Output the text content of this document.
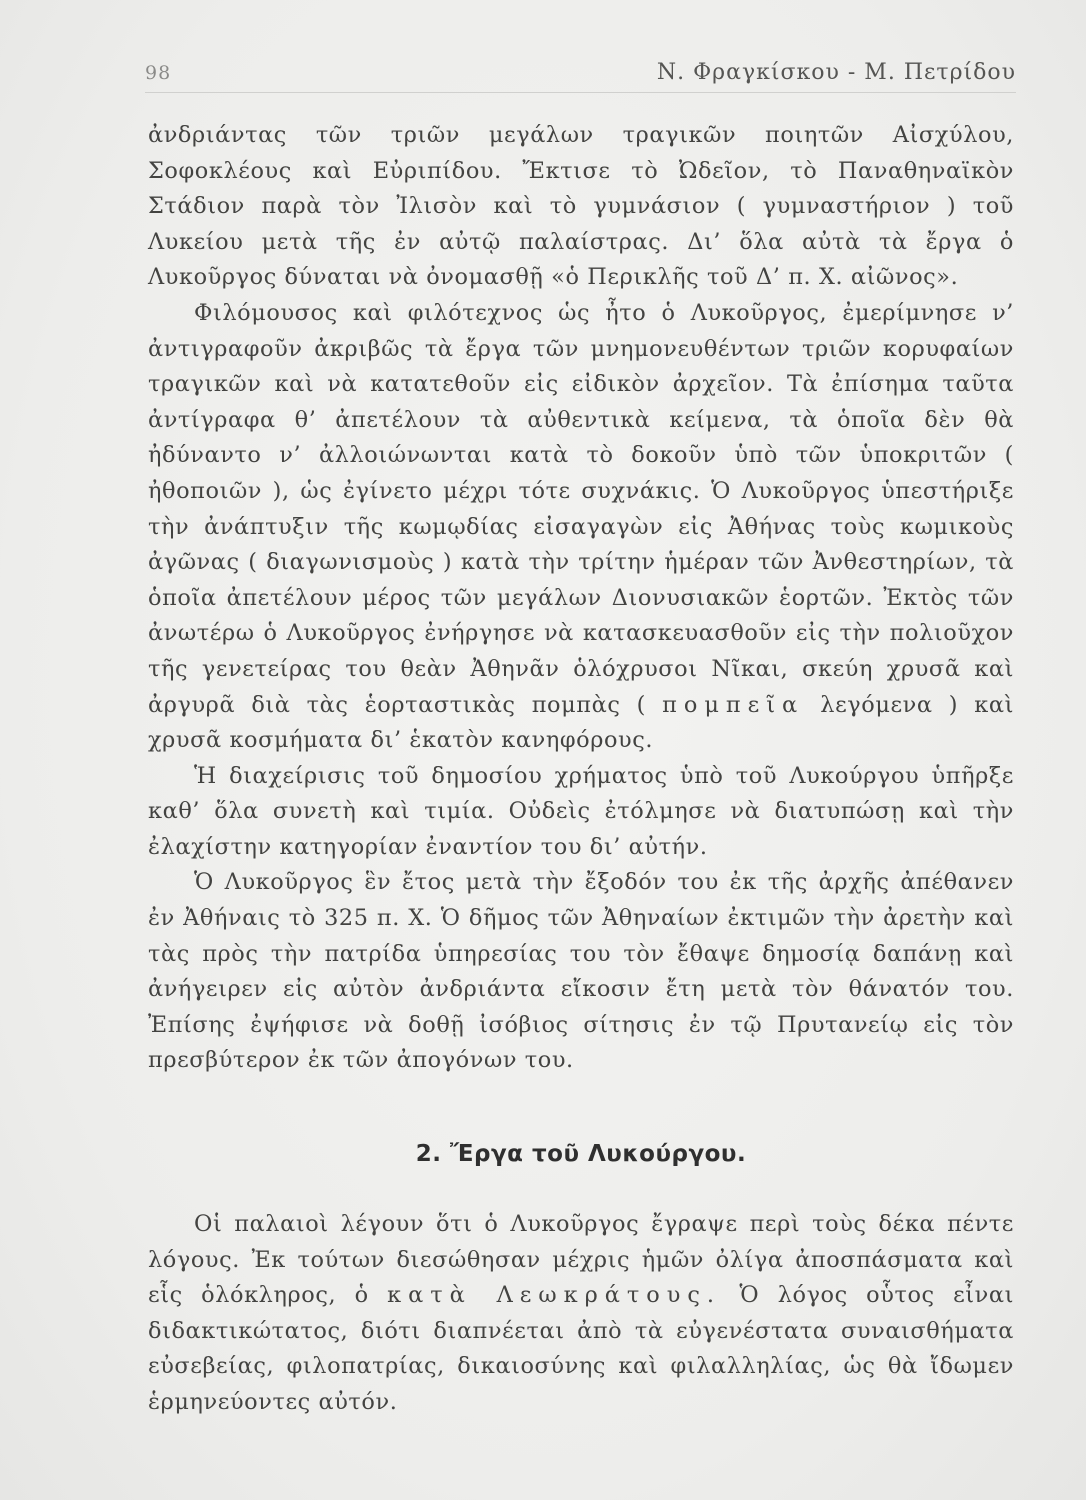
98	Ν. Φραγκίσκου - Μ. Πετρίδου

ἀνδριάντας τῶν τριῶν μεγάλων τραγικῶν ποιητῶν Αἰσχύλου, Σοφοκλέους καὶ Εὐριπίδου. Ἔκτισε τὸ Ὠδεῖον, τὸ Παναθηναϊκὸν Στάδιον παρὰ τὸν Ἰλισὸν καὶ τὸ γυμνάσιον ( γυμναστήριον ) τοῦ Λυκείου μετὰ τῆς ἐν αὐτῷ παλαίστρας. Δι’ ὅλα αὐτὰ τὰ ἔργα ὁ Λυκοῦργος δύναται νὰ ὀνομασθῇ «ὁ Περικλῆς τοῦ Δ’ π. Χ. αἰῶνος».

Φιλόμουσος καὶ φιλότεχνος ὡς ἦτο ὁ Λυκοῦργος, ἐμερίμνησε ν’ ἀντιγραφοῦν ἀκριβῶς τὰ ἔργα τῶν μνημονευθέντων τριῶν κορυφαίων τραγικῶν καὶ νὰ κατατεθοῦν εἰς εἰδικὸν ἀρχεῖον. Τὰ ἐπίσημα ταῦτα ἀντίγραφα θ’ ἀπετέλουν τὰ αὐθεντικὰ κείμενα, τὰ ὁποῖα δὲν θὰ ἠδύναντο ν’ ἀλλοιώνωνται κατὰ τὸ δοκοῦν ὑπὸ τῶν ὑποκριτῶν ( ἠθοποιῶν ), ὡς ἐγίνετο μέχρι τότε συχνάκις. Ὁ Λυκοῦργος ὑπεστήριξε τὴν ἀνάπτυξιν τῆς κωμῳδίας εἰσαγαγὼν εἰς Ἀθήνας τοὺς κωμικοὺς ἀγῶνας ( διαγωνισμοὺς ) κατὰ τὴν τρίτην ἡμέραν τῶν Ἀνθεστηρίων, τὰ ὁποῖα ἀπετέλουν μέρος τῶν μεγάλων Διονυσιακῶν ἑορτῶν. Ἐκτὸς τῶν ἀνωτέρω ὁ Λυκοῦργος ἐνήργησε νὰ κατασκευασθοῦν εἰς τὴν πολιοῦχον τῆς γενετείρας του θεὰν Ἀθηνᾶν ὁλόχρυσοι Νῖκαι, σκεύη χρυσᾶ καὶ ἀργυρᾶ διὰ τὰς ἑορταστικὰς πομπὰς ( πομπεῖα λεγόμενα ) καὶ χρυσᾶ κοσμήματα δι’ ἑκατὸν κανηφόρους.

Ἡ διαχείρισις τοῦ δημοσίου χρήματος ὑπὸ τοῦ Λυκούργου ὑπῆρξε καθ’ ὅλα συνετὴ καὶ τιμία. Οὐδεὶς ἐτόλμησε νὰ διατυπώσῃ καὶ τὴν ἐλαχίστην κατηγορίαν ἐναντίον του δι’ αὐτήν.

Ὁ Λυκοῦργος ἓν ἔτος μετὰ τὴν ἔξοδόν του ἐκ τῆς ἀρχῆς ἀπέθανεν ἐν Ἀθήναις τὸ 325 π. Χ. Ὁ δῆμος τῶν Ἀθηναίων ἐκτιμῶν τὴν ἀρετὴν καὶ τὰς πρὸς τὴν πατρίδα ὑπηρεσίας του τὸν ἔθαψε δημοσίᾳ δαπάνῃ καὶ ἀνήγειρεν εἰς αὐτὸν ἀνδριάντα εἴκοσιν ἔτη μετὰ τὸν θάνατόν του. Ἐπίσης ἐψήφισε νὰ δοθῇ ἰσόβιος σίτησις ἐν τῷ Πρυτανείῳ εἰς τὸν πρεσβύτερον ἐκ τῶν ἀπογόνων του.

2. Ἔργα τοῦ Λυκούργου.

Οἱ παλαιοὶ λέγουν ὅτι ὁ Λυκοῦργος ἔγραψε περὶ τοὺς δέκα πέντε λόγους. Ἐκ τούτων διεσώθησαν μέχρις ἡμῶν ὀλίγα ἀποσπάσματα καὶ εἷς ὁλόκληρος, ὁ κατὰ Λεωκράτους. Ὁ λόγος οὗτος εἶναι διδακτικώτατος, διότι διαπνέεται ἀπὸ τὰ εὐγενέστατα συναισθήματα εὐσεβείας, φιλοπατρίας, δικαιοσύνης καὶ φιλαλληλίας, ὡς θὰ ἴδωμεν ἑρμηνεύοντες αὐτόν.
